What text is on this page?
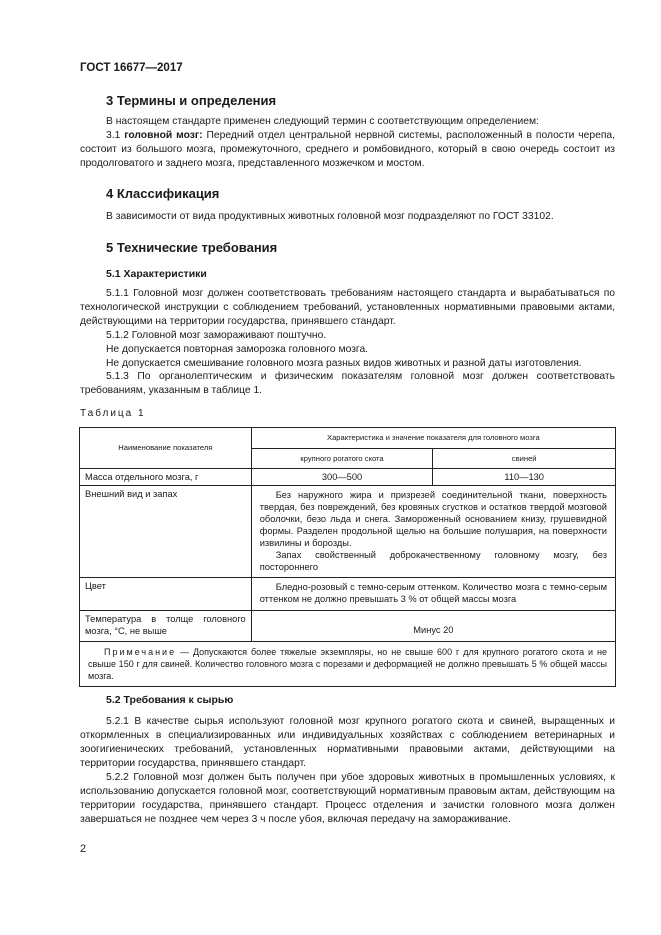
ГОСТ 16677—2017
3 Термины и определения
В настоящем стандарте применен следующий термин с соответствующим определением:
3.1 головной мозг: Передний отдел центральной нервной системы, расположенный в полости черепа, состоит из большого мозга, промежуточного, среднего и ромбовидного, который в свою очередь состоит из продолговатого и заднего мозга, представленного мозжечком и мостом.
4 Классификация
В зависимости от вида продуктивных животных головной мозг подразделяют по ГОСТ 33102.
5 Технические требования
5.1 Характеристики
5.1.1 Головной мозг должен соответствовать требованиям настоящего стандарта и вырабатываться по технологической инструкции с соблюдением требований, установленных нормативными правовыми актами, действующими на территории государства, принявшего стандарт.
5.1.2 Головной мозг замораживают поштучно.
Не допускается повторная заморозка головного мозга.
Не допускается смешивание головного мозга разных видов животных и разной даты изготовления.
5.1.3 По органолептическим и физическим показателям головной мозг должен соответствовать требованиям, указанным в таблице 1.
Таблица 1
Наименование показателя	Характеристика и значение показателя для головного мозга	
	крупного рогатого скота	свиней
Масса отдельного мозга, г	300—500	110—130
Внешний вид и запах	Без наружного жира и призрезей соединительной ткани, поверхность твердая, без повреждений, без кровяных сгустков и остатков твердой мозговой оболочки, безо льда и снега. Замороженный основанием книзу, грушевидной формы. Разделен продольной щелью на большие полушария, на поверхности извилины и борозды.
Запах свойственный доброкачественному головному мозгу, без постороннего	

Цвет	Бледно-розовый с темно-серым оттенком. Количество мозга с темно-серым оттенком не должно превышать 3 % от общей массы мозга	
Температура в толще головного мозга, °С, не выше	Минус 20	
Примечание — Допускаются более тяжелые экземпляры, но не свыше 600 г для крупного рогатого скота и не свыше 150 г для свиней. Количество головного мозга с порезами и деформацией не должно превышать 5 % общей массы мозга.		
5.2 Требования к сырью
5.2.1 В качестве сырья используют головной мозг крупного рогатого скота и свиней, выращенных и откормленных в специализированных или индивидуальных хозяйствах с соблюдением ветеринарных и зоогигиенических требований, установленных нормативными правовыми актами, действующими на территории государства, принявшего стандарт.
5.2.2 Головной мозг должен быть получен при убое здоровых животных в промышленных условиях, к использованию допускается головной мозг, соответствующий нормативным правовым актам, действующим на территории государства, принявшего стандарт. Процесс отделения и зачистки головного мозга должен завершаться не позднее чем через 3 ч после убоя, включая передачу на замораживание.
2
